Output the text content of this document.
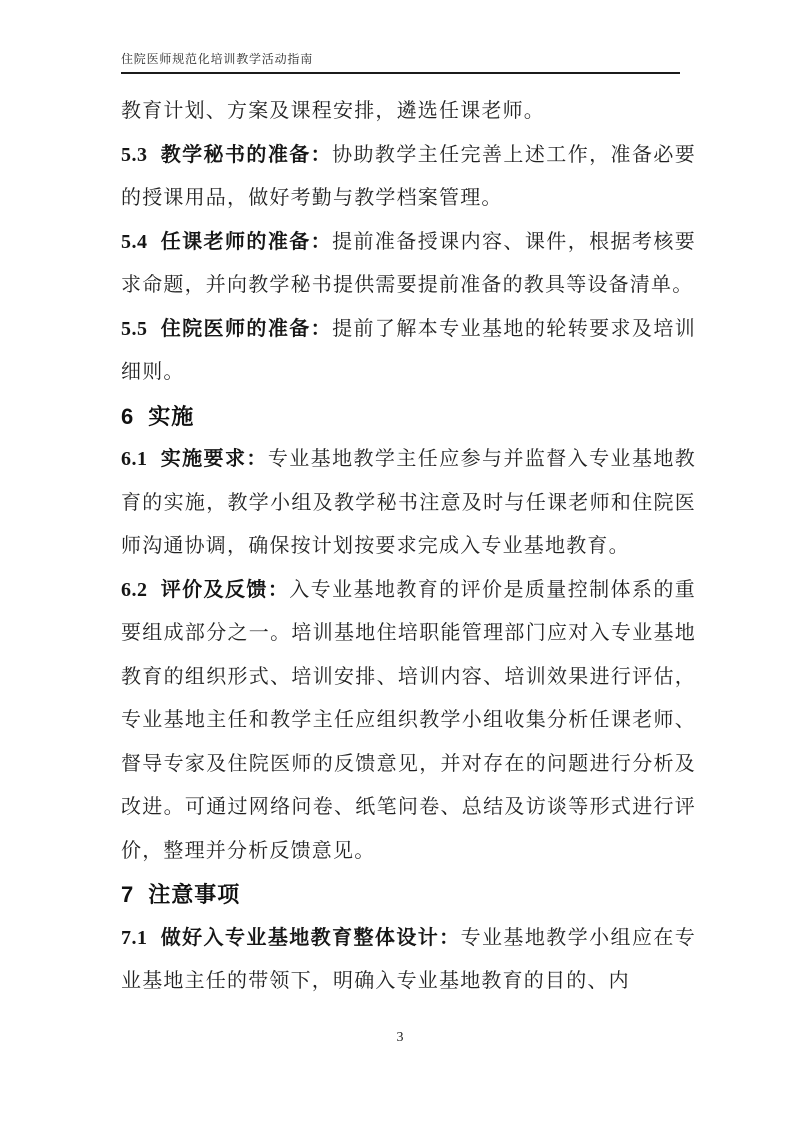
住院医师规范化培训教学活动指南

教育计划、方案及课程安排，遴选任课老师。

5.3 教学秘书的准备：协助教学主任完善上述工作，准备必要的授课用品，做好考勤与教学档案管理。

5.4 任课老师的准备：提前准备授课内容、课件，根据考核要求命题，并向教学秘书提供需要提前准备的教具等设备清单。

5.5 住院医师的准备：提前了解本专业基地的轮转要求及培训细则。

6 实施

6.1 实施要求：专业基地教学主任应参与并监督入专业基地教育的实施，教学小组及教学秘书注意及时与任课老师和住院医师沟通协调，确保按计划按要求完成入专业基地教育。

6.2 评价及反馈：入专业基地教育的评价是质量控制体系的重要组成部分之一。培训基地住培职能管理部门应对入专业基地教育的组织形式、培训安排、培训内容、培训效果进行评估，专业基地主任和教学主任应组织教学小组收集分析任课老师、督导专家及住院医师的反馈意见，并对存在的问题进行分析及改进。可通过网络问卷、纸笔问卷、总结及访谈等形式进行评价，整理并分析反馈意见。

7 注意事项

7.1 做好入专业基地教育整体设计：专业基地教学小组应在专业基地主任的带领下，明确入专业基地教育的目的、内

3
